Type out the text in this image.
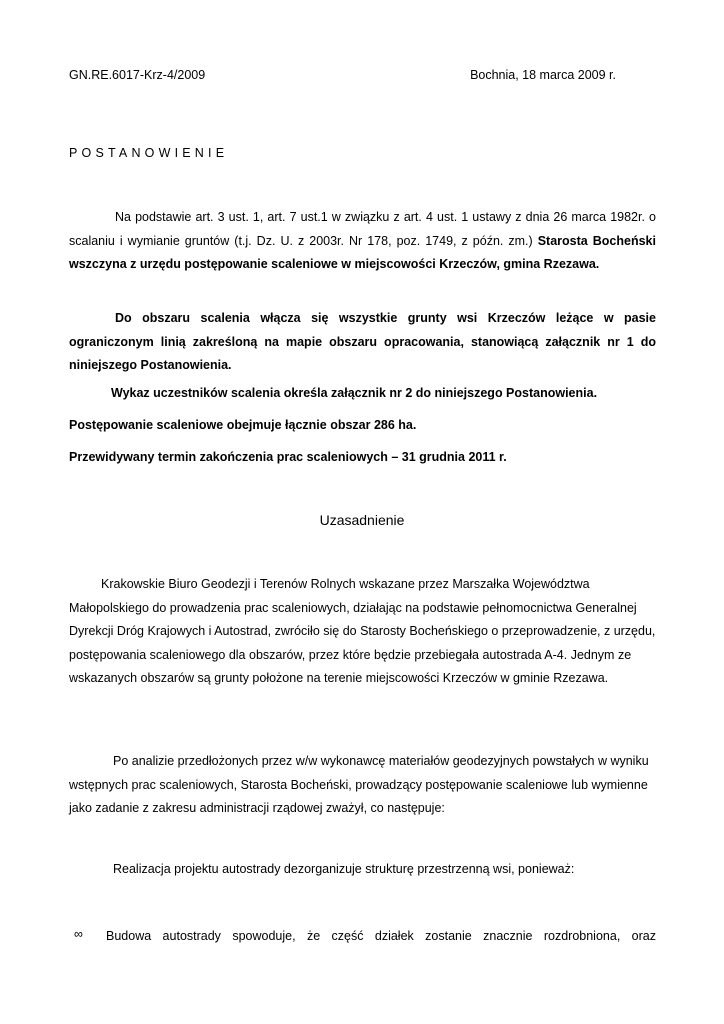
GN.RE.6017-Krz-4/2009	Bochnia, 18 marca 2009 r.
POSTANOWIENIE

Na podstawie art. 3 ust. 1, art. 7 ust.1 w związku z art. 4 ust. 1 ustawy z dnia 26 marca 1982r. o scalaniu i wymianie gruntów (t.j. Dz. U. z 2003r. Nr 178, poz. 1749, z późn. zm.) Starosta Bocheński wszczyna z urzędu postępowanie scaleniowe w miejscowości Krzeczów, gmina Rzezawa.

Do obszaru scalenia włącza się wszystkie grunty wsi Krzeczów leżące w pasie ograniczonym linią zakreśloną na mapie obszaru opracowania, stanowiącą załącznik nr 1 do niniejszego Postanowienia.

Wykaz uczestników scalenia określa załącznik nr 2 do niniejszego Postanowienia.

Postępowanie scaleniowe obejmuje łącznie obszar 286 ha.

Przewidywany termin zakończenia prac scaleniowych – 31 grudnia 2011 r.

Uzasadnienie

Krakowskie Biuro Geodezji i Terenów Rolnych wskazane przez Marszałka Województwa Małopolskiego do prowadzenia prac scaleniowych, działając na podstawie pełnomocnictwa Generalnej Dyrekcji Dróg Krajowych i Autostrad, zwróciło się do Starosty Bocheńskiego o przeprowadzenie, z urzędu, postępowania scaleniowego dla obszarów, przez które będzie przebiegała autostrada A-4. Jednym ze wskazanych obszarów są grunty położone na terenie miejscowości Krzeczów w gminie Rzezawa.

Po analizie przedłożonych przez w/w wykonawcę materiałów geodezyjnych powstałych w wyniku wstępnych prac scaleniowych, Starosta Bocheński, prowadzący postępowanie scaleniowe lub wymienne jako zadanie z zakresu administracji rządowej zważył, co następuje:

Realizacja projektu autostrady dezorganizuje strukturę przestrzenną wsi, ponieważ:

∞ Budowa autostrady spowoduje, że część działek zostanie znacznie rozdrobniona, oraz
